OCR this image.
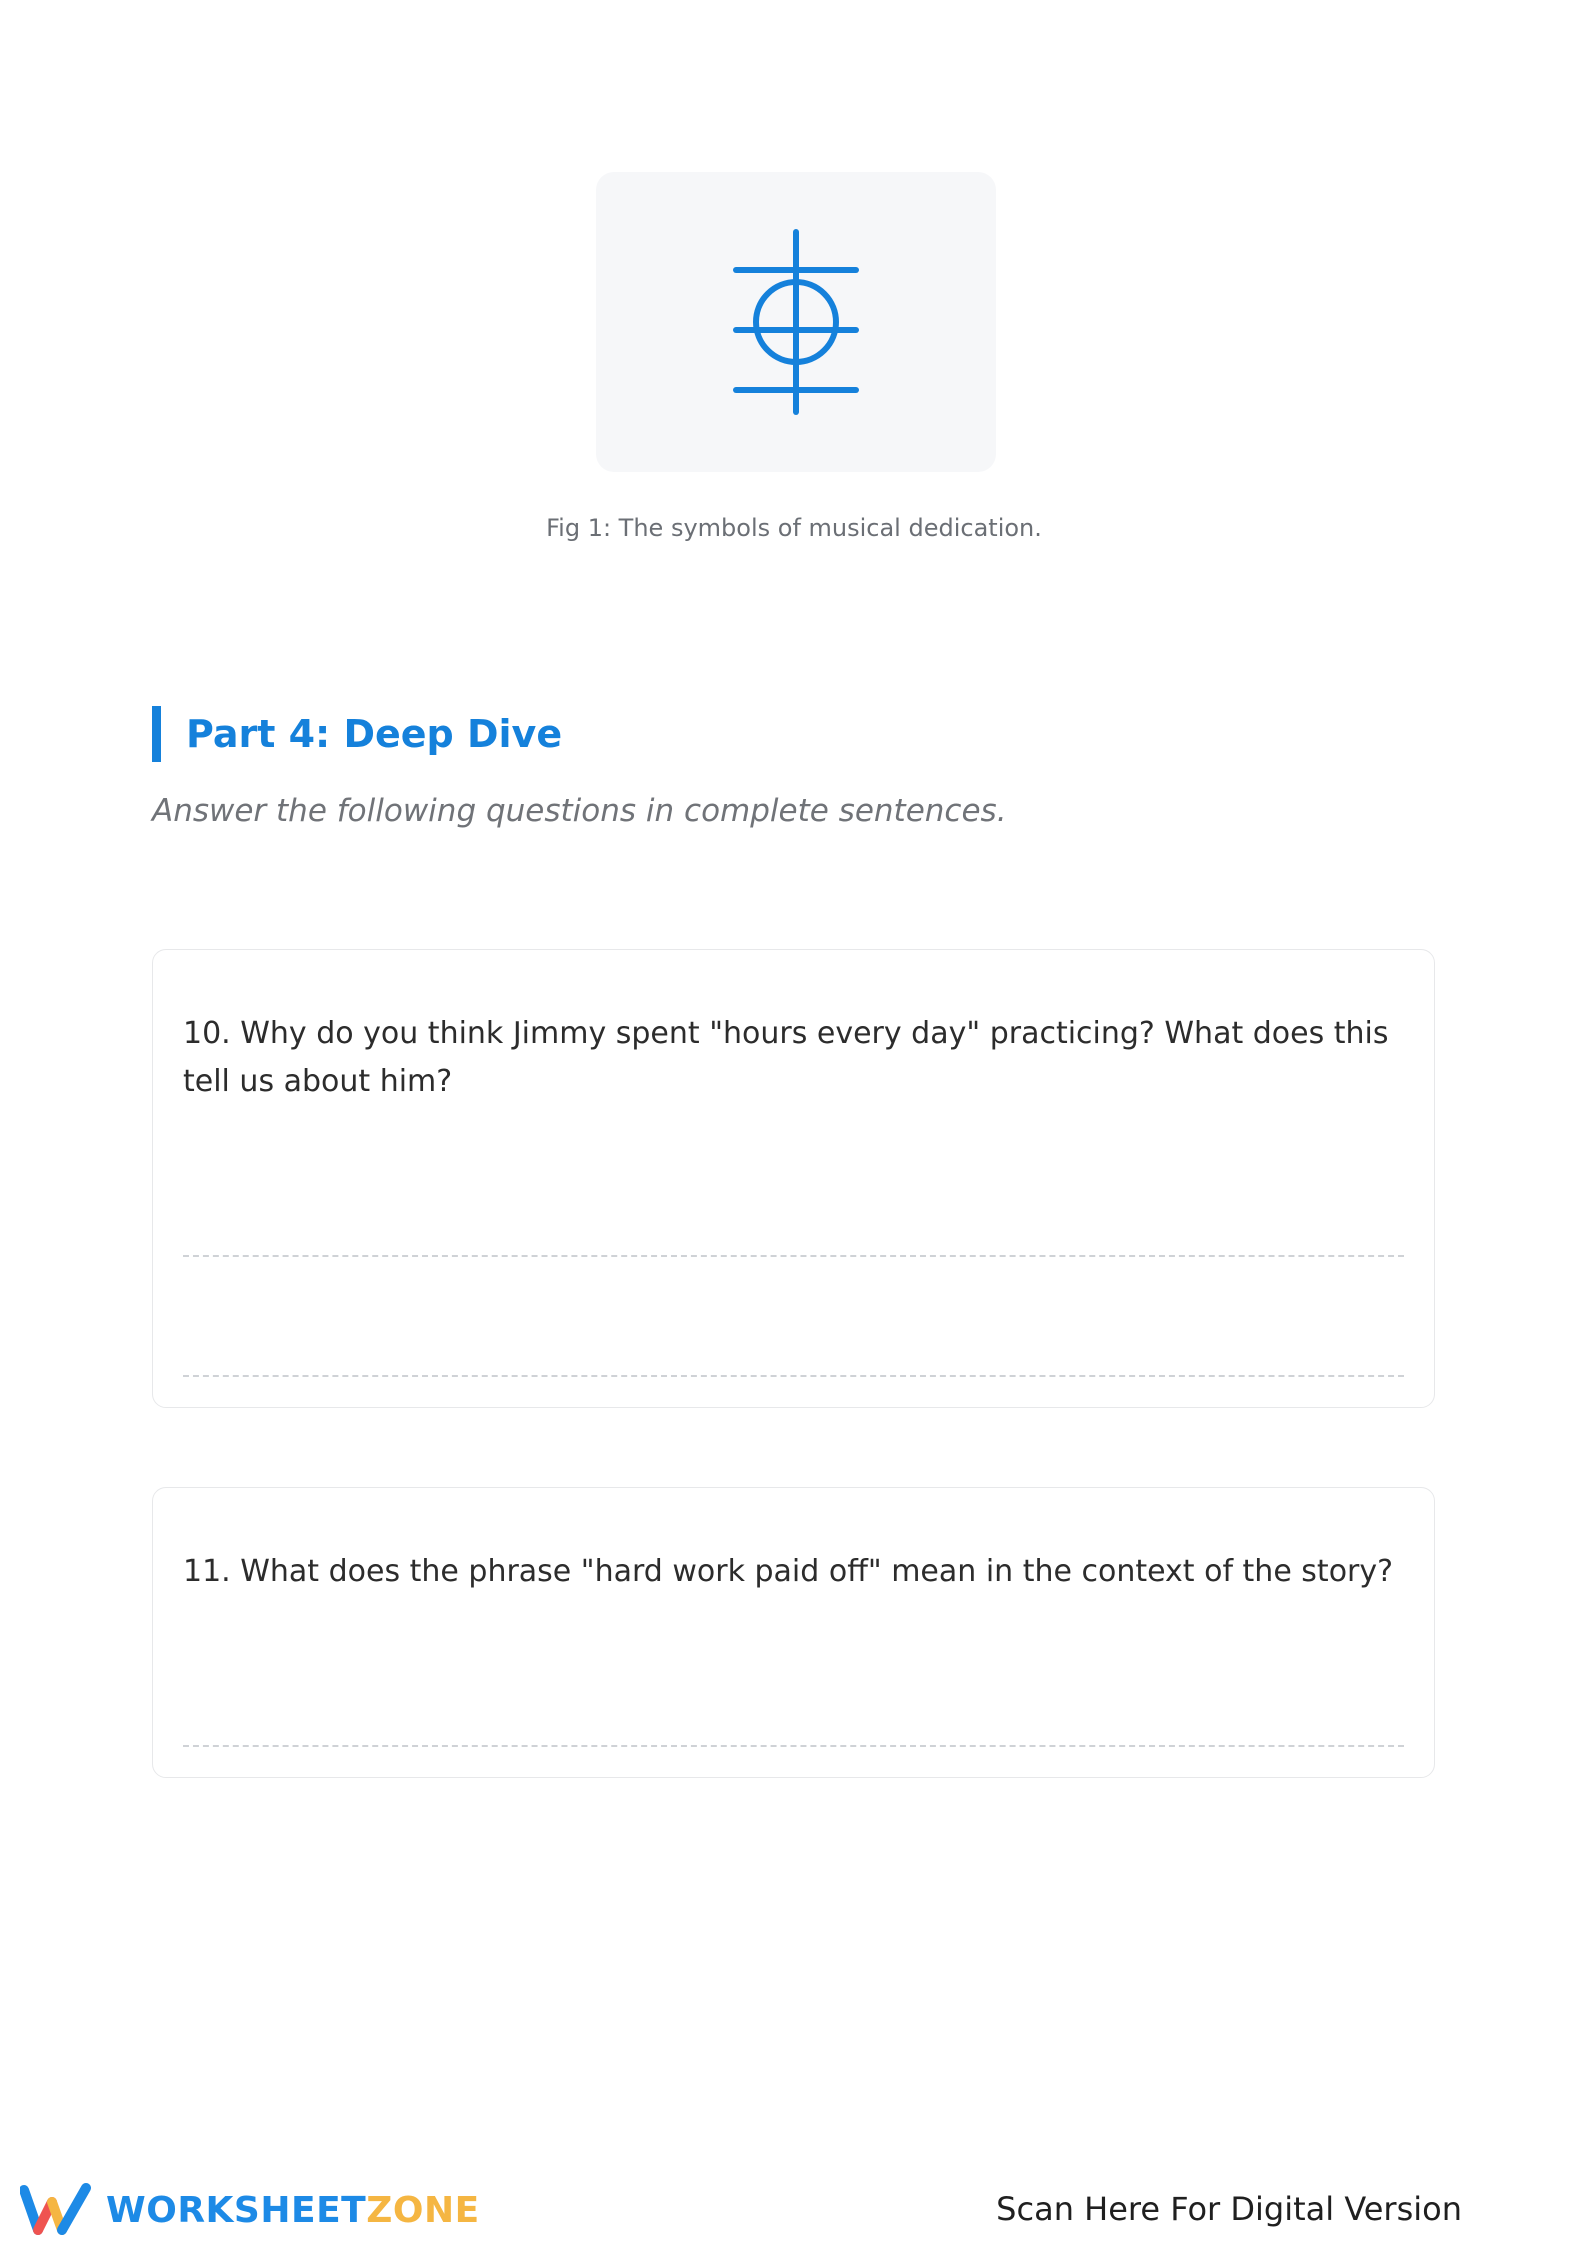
Fig 1: The symbols of musical dedication.
Part 4: Deep Dive
Answer the following questions in complete sentences.
10. Why do you think Jimmy spent "hours every day" practicing? What does this tell us about him?
11. What does the phrase "hard work paid off" mean in the context of the story?
WORKSHEETZONE	Scan Here For Digital Version
